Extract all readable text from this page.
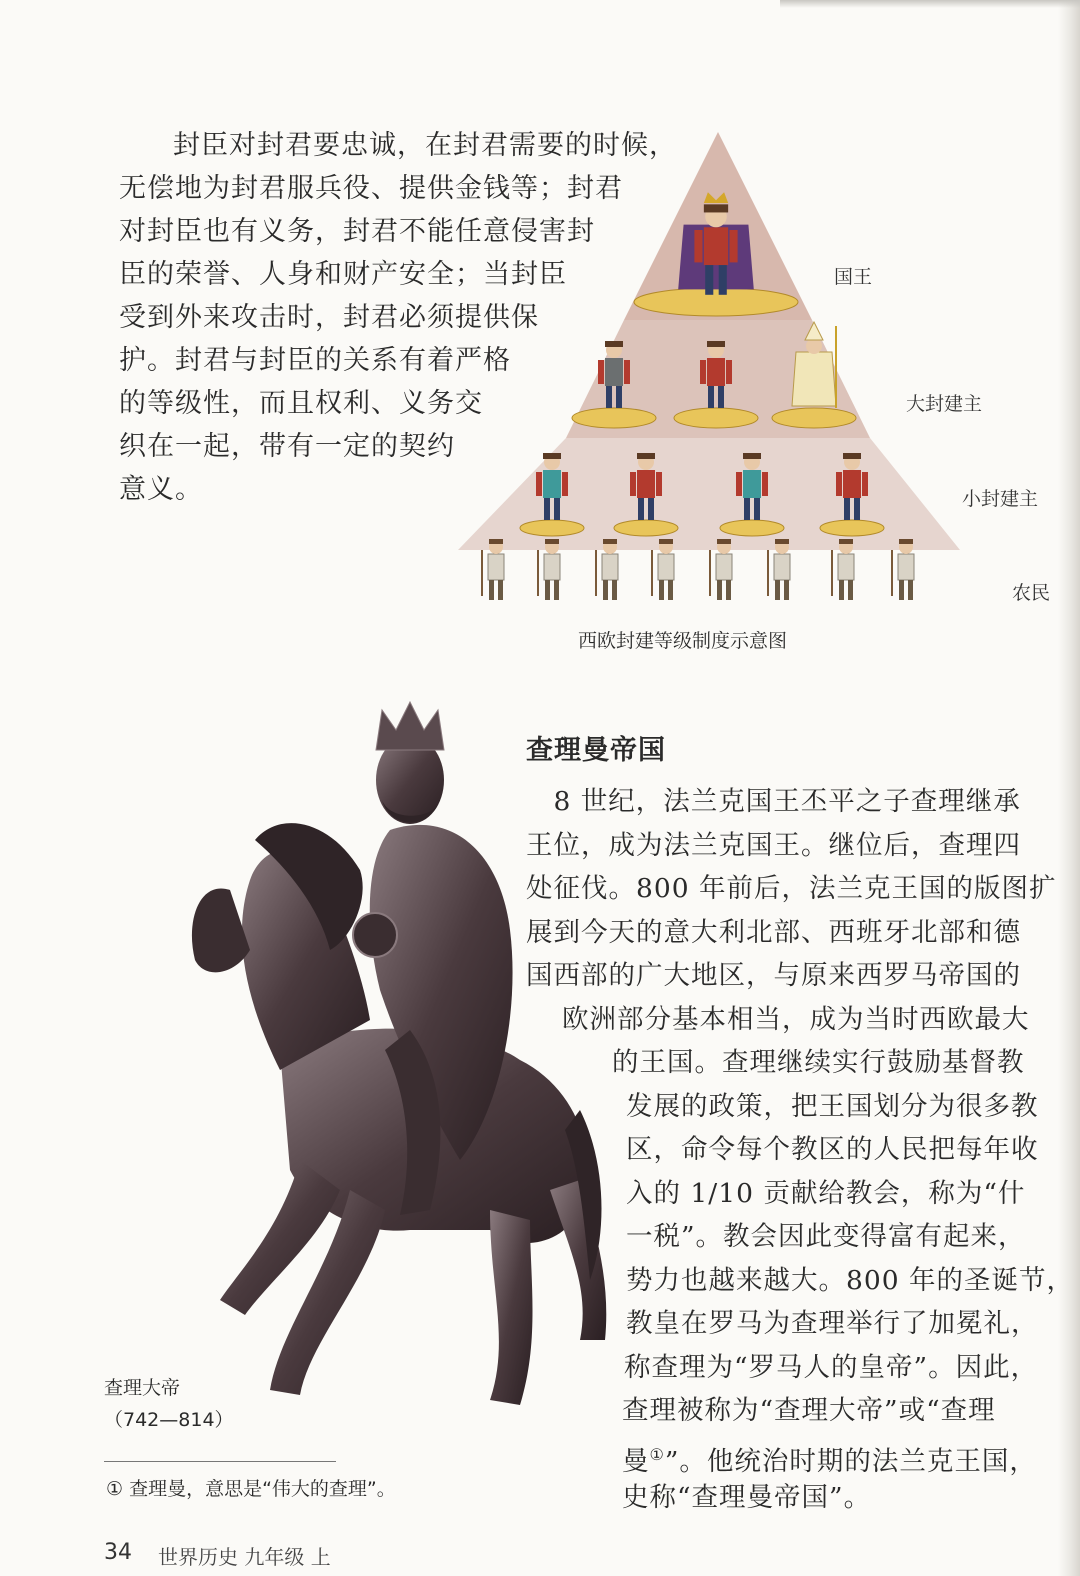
封臣对封君要忠诚，在封君需要的时候，
无偿地为封君服兵役、提供金钱等；封君
对封臣也有义务，封君不能任意侵害封
臣的荣誉、人身和财产安全；当封臣
受到外来攻击时，封君必须提供保
护。封君与封臣的关系有着严格
的等级性，而且权利、义务交
织在一起，带有一定的契约
意义。
国王
大封建主
小封建主
农民
西欧封建等级制度示意图
查理大帝
（742—814）
查理曼帝国
　8 世纪，法兰克国王丕平之子查理继承
王位，成为法兰克国王。继位后，查理四
处征伐。800 年前后，法兰克王国的版图扩
展到今天的意大利北部、西班牙北部和德
国西部的广大地区，与原来西罗马帝国的
欧洲部分基本相当，成为当时西欧最大
的王国。查理继续实行鼓励基督教
发展的政策，把王国划分为很多教
区，命令每个教区的人民把每年收
入的 1/10 贡献给教会，称为“什
一税”。教会因此变得富有起来，
势力也越来越大。800 年的圣诞节，
教皇在罗马为查理举行了加冕礼，
称查理为“罗马人的皇帝”。因此，
查理被称为“查理大帝”或“查理
曼①”。他统治时期的法兰克王国，
史称“查理曼帝国”。
① 查理曼，意思是“伟大的查理”。
34 世界历史 九年级 上
